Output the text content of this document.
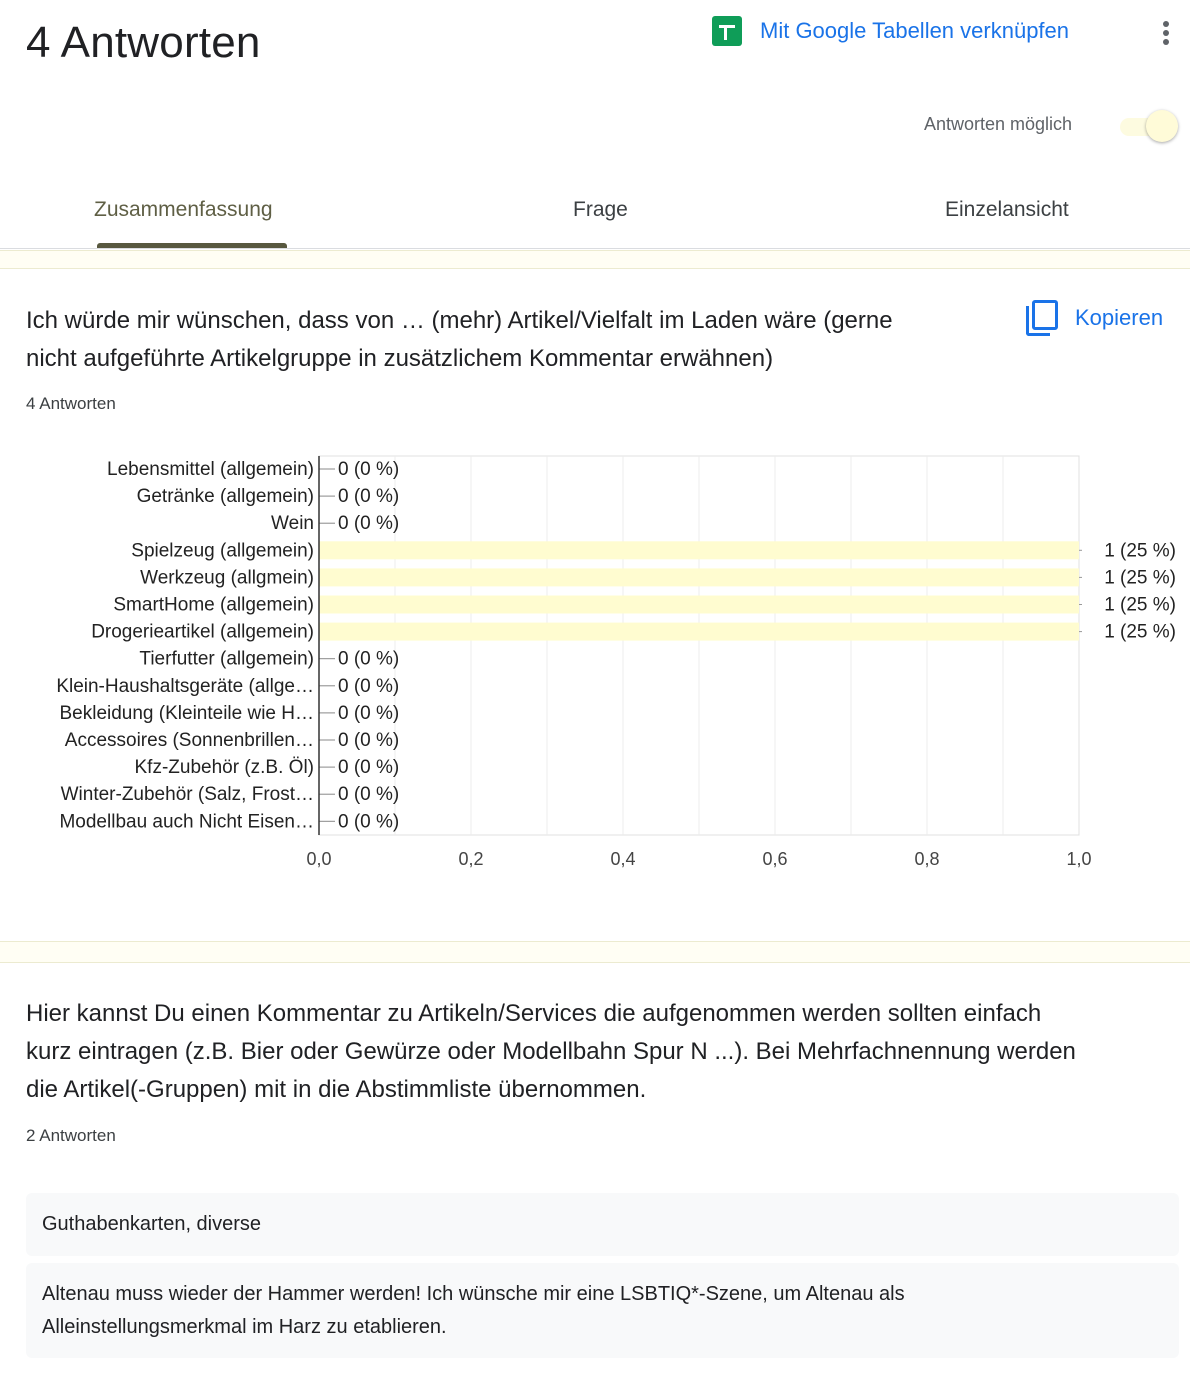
4 Antworten	Mit Google Tabellen verknüpfen
Antworten möglich
Zusammenfassung	Frage	Einzelansicht
Ich würde mir wünschen, dass von … (mehr) Artikel/Vielfalt im Laden wäre (gerne
nicht aufgeführte Artikelgruppe in zusätzlichem Kommentar erwähnen)
4 Antworten
Kopieren
0,0	0,2	0,4	0,6	0,8	1,0
0 (0 %)
Lebensmittel (allgemein)
0 (0 %)
Getränke (allgemein)
0 (0 %)
Wein
1 (25 %)
Spielzeug (allgemein)
1 (25 %)
Werkzeug (allgmein)
1 (25 %)
SmartHome (allgemein)
1 (25 %)
Drogerieartikel (allgemein)
0 (0 %)
Tierfutter (allgemein)
0 (0 %)
Klein-Haushaltsgeräte (allge…
0 (0 %)
Bekleidung (Kleinteile wie H…
0 (0 %)
Accessoires (Sonnenbrillen…
0 (0 %)
Kfz-Zubehör (z.B. Öl)
0 (0 %)
Winter-Zubehör (Salz, Frost…
0 (0 %)
Modellbau auch Nicht Eisen…
Hier kannst Du einen Kommentar zu Artikeln/Services die aufgenommen werden sollten einfach
kurz eintragen (z.B. Bier oder Gewürze oder Modellbahn Spur N ...). Bei Mehrfachnennung werden
die Artikel(-Gruppen) mit in die Abstimmliste übernommen.
2 Antworten
Guthabenkarten, diverse
Altenau muss wieder der Hammer werden! Ich wünsche mir eine LSBTIQ*-Szene, um Altenau als
Alleinstellungsmerkmal im Harz zu etablieren.
